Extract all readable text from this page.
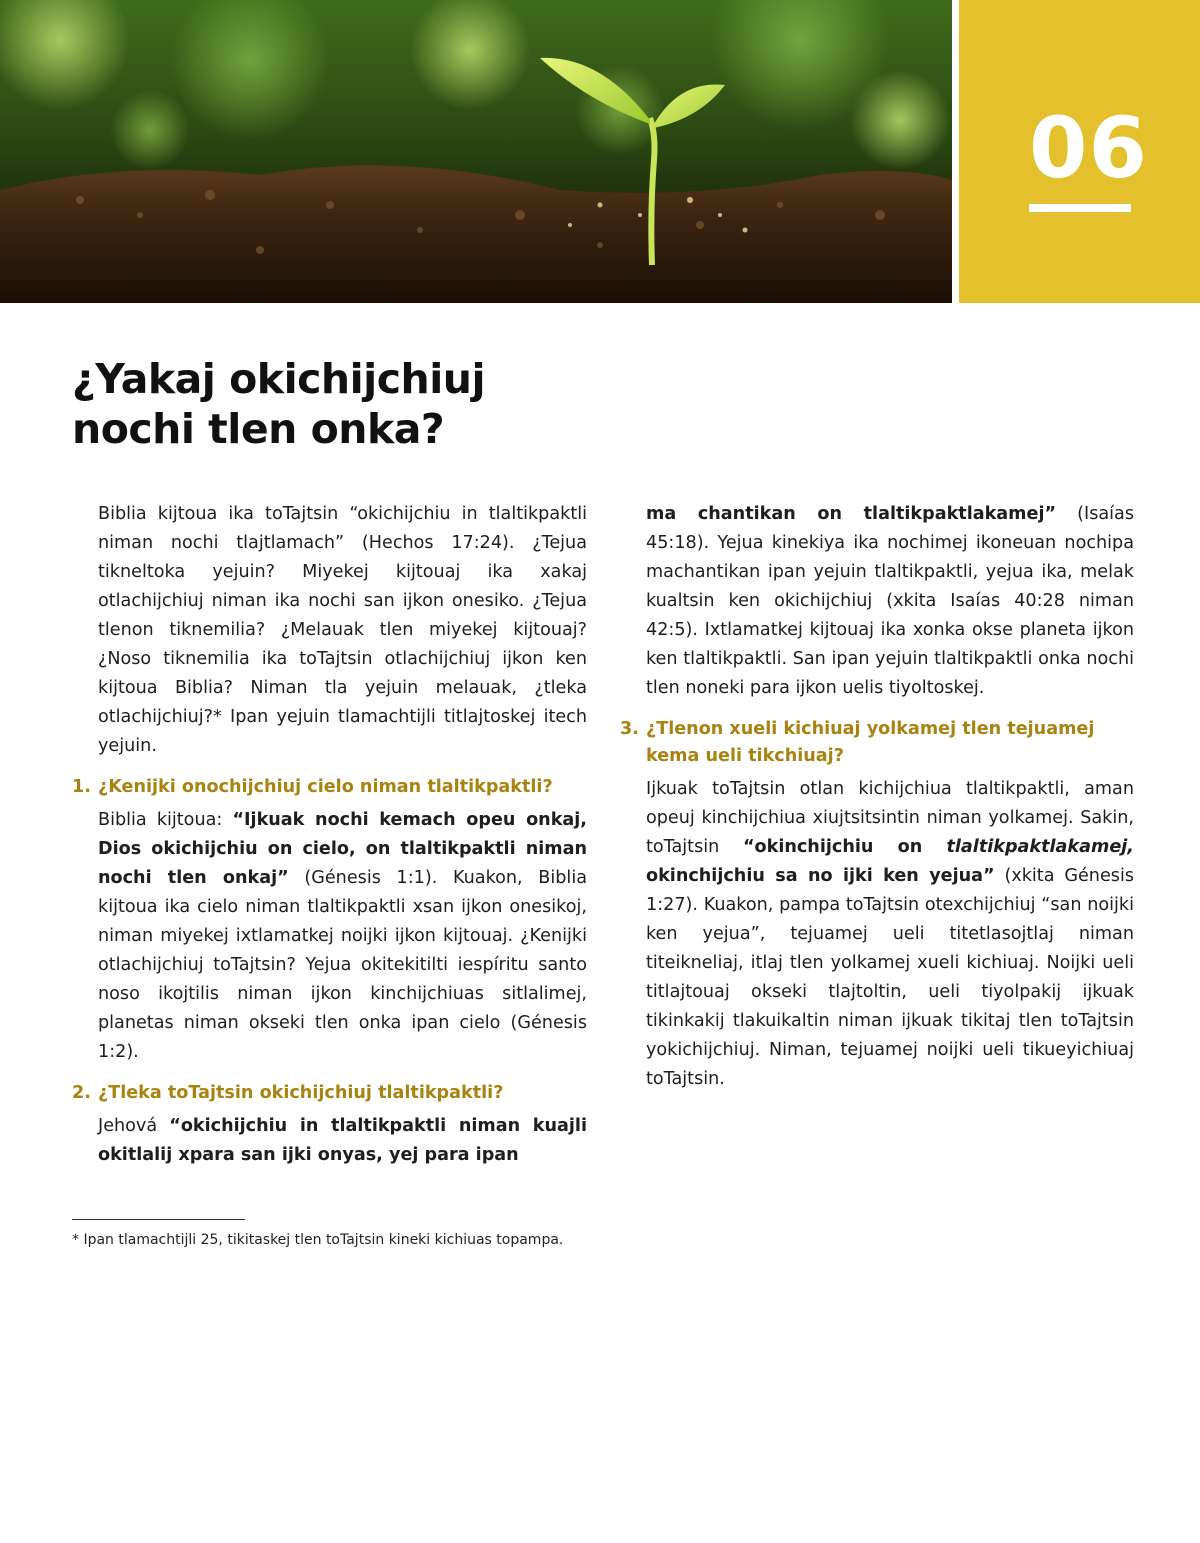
06
¿Yakaj okichijchiuj
nochi tlen onka?

Biblia kijtoua ika toTajtsin “okichijchiu in tlaltikpaktli niman nochi tlajtlamach” (Hechos 17:24). ¿Tejua tikneltoka yejuin? Miyekej kijtouaj ika xakaj otlachijchiuj niman ika nochi san ijkon onesiko. ¿Tejua tlenon tiknemilia? ¿Melauak tlen miyekej kijtouaj? ¿Noso tiknemilia ika toTajtsin otlachijchiuj ijkon ken kijtoua Biblia? Niman tla yejuin melauak, ¿tleka otlachijchiuj?* Ipan yejuin tlamachtijli titlajtoskej itech yejuin.

1. ¿Kenijki onochijchiuj cielo niman tlaltikpaktli?

Biblia kijtoua: “Ijkuak nochi kemach opeu onkaj, Dios okichijchiu on cielo, on tlaltikpaktli niman nochi tlen onkaj” (Génesis 1:1). Kuakon, Biblia kijtoua ika cielo niman tlaltikpaktli xsan ijkon onesikoj, niman miyekej ixtlamatkej noijki ijkon kijtouaj. ¿Kenijki otlachijchiuj toTajtsin? Yejua okitekitilti iespíritu santo noso ikojtilis niman ijkon kinchijchiuas sitlalimej, planetas niman okseki tlen onka ipan cielo (Génesis 1:2).

2. ¿Tleka toTajtsin okichijchiuj tlaltikpaktli?

Jehová “okichijchiu in tlaltikpaktli niman kuajli okitlalij xpara san ijki onyas, yej para ipan

* Ipan tlamachtijli 25, tikitaskej tlen toTajtsin kineki kichiuas topampa.

ma chantikan on tlaltikpaktlakamej” (Isaías 45:18). Yejua kinekiya ika nochimej ikoneuan nochipa machantikan ipan yejuin tlaltikpaktli, yejua ika, melak kualtsin ken okichijchiuj (xkita Isaías 40:28 niman 42:5). Ixtlamatkej kijtouaj ika xonka okse planeta ijkon ken tlaltikpaktli. San ipan yejuin tlaltikpaktli onka nochi tlen noneki para ijkon uelis tiyoltoskej.

3. ¿Tlenon xueli kichiuaj yolkamej tlen tejuamej kema ueli tikchiuaj?

Ijkuak toTajtsin otlan kichijchiua tlaltikpaktli, aman opeuj kinchijchiua xiujtsitsintin niman yolkamej. Sakin, toTajtsin “okinchijchiu on tlaltikpaktlakamej, okinchijchiu sa no ijki ken yejua” (xkita Génesis 1:27). Kuakon, pampa toTajtsin otexchijchiuj “san noijki ken yejua”, tejuamej ueli titetlasojtlaj niman titeikneliaj, itlaj tlen yolkamej xueli kichiuaj. Noijki ueli titlajtouaj okseki tlajtoltin, ueli tiyolpakij ijkuak tikinkakij tlakuikaltin niman ijkuak tikitaj tlen toTajtsin yokichijchiuj. Niman, tejuamej noijki ueli tikueyichiuaj toTajtsin.
